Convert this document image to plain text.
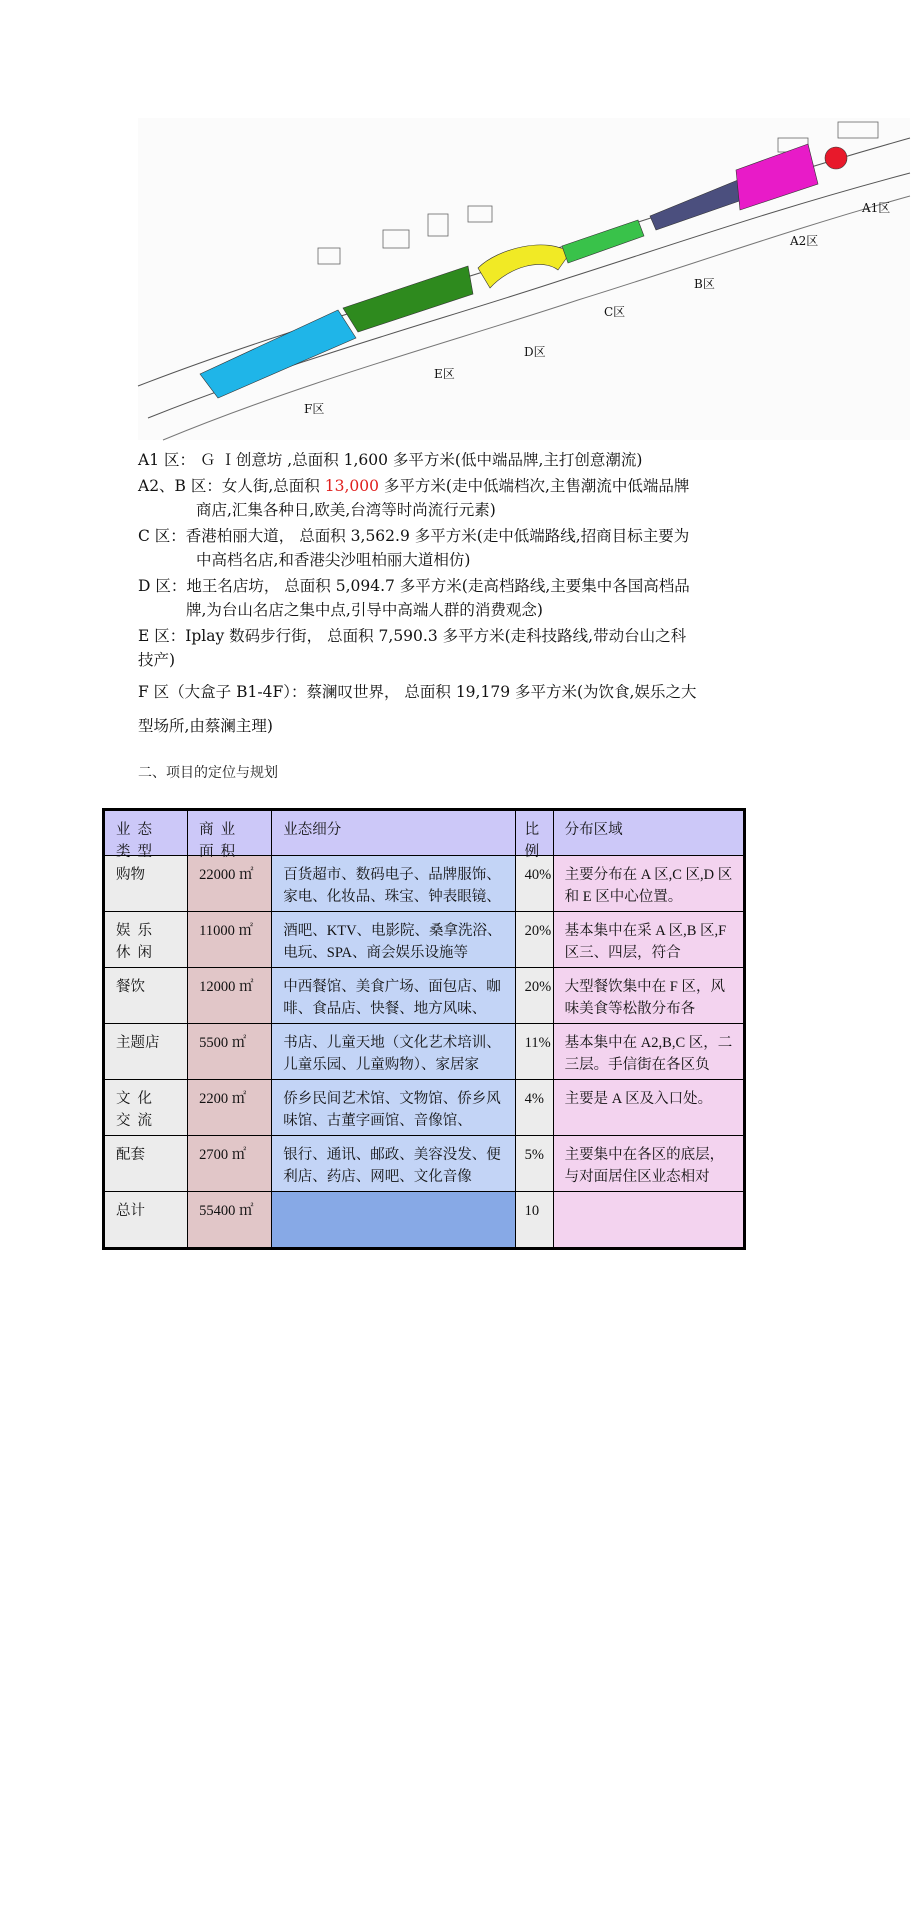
A1区
A2区
B区
C区
D区
E区
F区
A1 区： Ｇ Ｉ创意坊 ,总面积 1,600 多平方米(低中端品牌,主打创意潮流)
A2、B 区：女人街,总面积 13,000 多平方米(走中低端档次,主售潮流中低端品牌
商店,汇集各种日,欧美,台湾等时尚流行元素)
C 区：香港柏丽大道， 总面积 3,562.9 多平方米(走中低端路线,招商目标主要为
中高档名店,和香港尖沙咀柏丽大道相仿)
D 区：地王名店坊， 总面积 5,094.7 多平方米(走高档路线,主要集中各国高档品
牌,为台山名店之集中点,引导中高端人群的消费观念)
E 区：Iplay 数码步行街， 总面积 7,590.3 多平方米(走科技路线,带动台山之科
技产)
F 区（大盒子 B1-4F）：蔡澜叹世界， 总面积 19,179 多平方米(为饮食,娱乐之大
型场所,由蔡澜主理)
二、项目的定位与规划
业态类型	商业面积	业态细分	比例	分布区域

购物	22000 ㎡	百货超市、数码电子、品牌服饰、家电、化妆品、珠宝、钟表眼镜、	40%	主要分布在 A 区,C 区,D 区和 E 区中心位置。

娱乐休闲	11000 ㎡	酒吧、KTV、电影院、桑拿洗浴、电玩、SPA、商会娱乐设施等	20%	基本集中在采 A 区,B 区,F 区三、四层，符合

餐饮	12000 ㎡	中西餐馆、美食广场、面包店、咖啡、食品店、快餐、地方风味、	20%	大型餐饮集中在 F 区，风味美食等松散分布各

主题店	5500 ㎡	书店、儿童天地（文化艺术培训、儿童乐园、儿童购物）、家居家	11%	基本集中在 A2,B,C 区，二三层。手信街在各区负

文化交流	2200 ㎡	侨乡民间艺术馆、文物馆、侨乡风味馆、古董字画馆、音像馆、	4%	主要是 A 区及入口处。

配套	2700 ㎡	银行、通讯、邮政、美容没发、便利店、药店、网吧、文化音像	5%	主要集中在各区的底层，与对面居住区业态相对

总计	55400 ㎡		10	
